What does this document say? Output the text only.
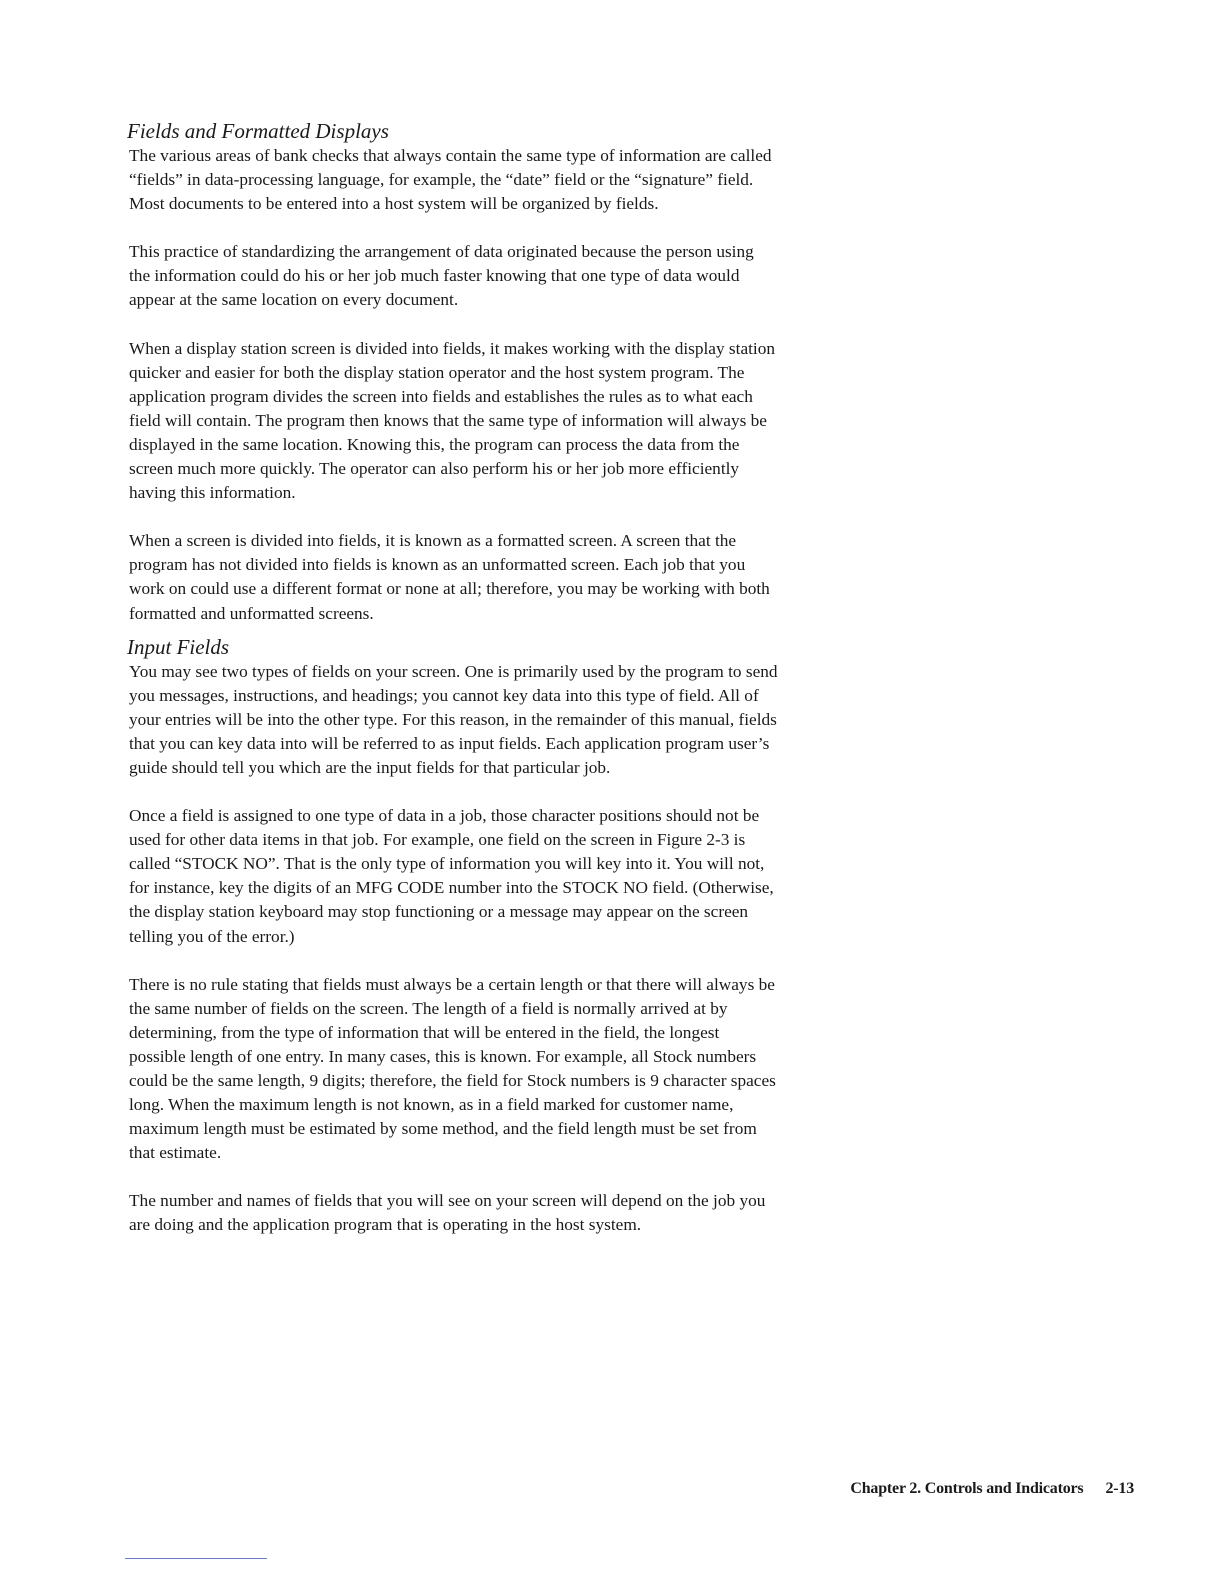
Fields and Formatted Displays

The various areas of bank checks that always contain the same type of information are called “fields” in data-processing language, for example, the “date” field or the “signature” field. Most documents to be entered into a host system will be organized by fields.

This practice of standardizing the arrangement of data originated because the person using the information could do his or her job much faster knowing that one type of data would appear at the same location on every document.

When a display station screen is divided into fields, it makes working with the display station quicker and easier for both the display station operator and the host system program. The application program divides the screen into fields and establishes the rules as to what each field will contain. The program then knows that the same type of information will always be displayed in the same location. Knowing this, the program can process the data from the screen much more quickly. The operator can also perform his or her job more efficiently having this information.

When a screen is divided into fields, it is known as a formatted screen. A screen that the program has not divided into fields is known as an unformatted screen. Each job that you work on could use a different format or none at all; therefore, you may be working with both formatted and unformatted screens.

Input Fields

You may see two types of fields on your screen. One is primarily used by the program to send you messages, instructions, and headings; you cannot key data into this type of field. All of your entries will be into the other type. For this reason, in the remainder of this manual, fields that you can key data into will be referred to as input fields. Each application program user’s guide should tell you which are the input fields for that particular job.

Once a field is assigned to one type of data in a job, those character positions should not be used for other data items in that job. For example, one field on the screen in Figure 2-3 is called “STOCK NO”. That is the only type of information you will key into it. You will not, for instance, key the digits of an MFG CODE number into the STOCK NO field. (Otherwise, the display station keyboard may stop functioning or a message may appear on the screen telling you of the error.)

There is no rule stating that fields must always be a certain length or that there will always be the same number of fields on the screen. The length of a field is normally arrived at by determining, from the type of information that will be entered in the field, the longest possible length of one entry. In many cases, this is known. For example, all Stock numbers could be the same length, 9 digits; therefore, the field for Stock numbers is 9 character spaces long. When the maximum length is not known, as in a field marked for customer name, maximum length must be estimated by some method, and the field length must be set from that estimate.

The number and names of fields that you will see on your screen will depend on the job you are doing and the application program that is operating in the host system.

Chapter 2. Controls and Indicators 2-13
